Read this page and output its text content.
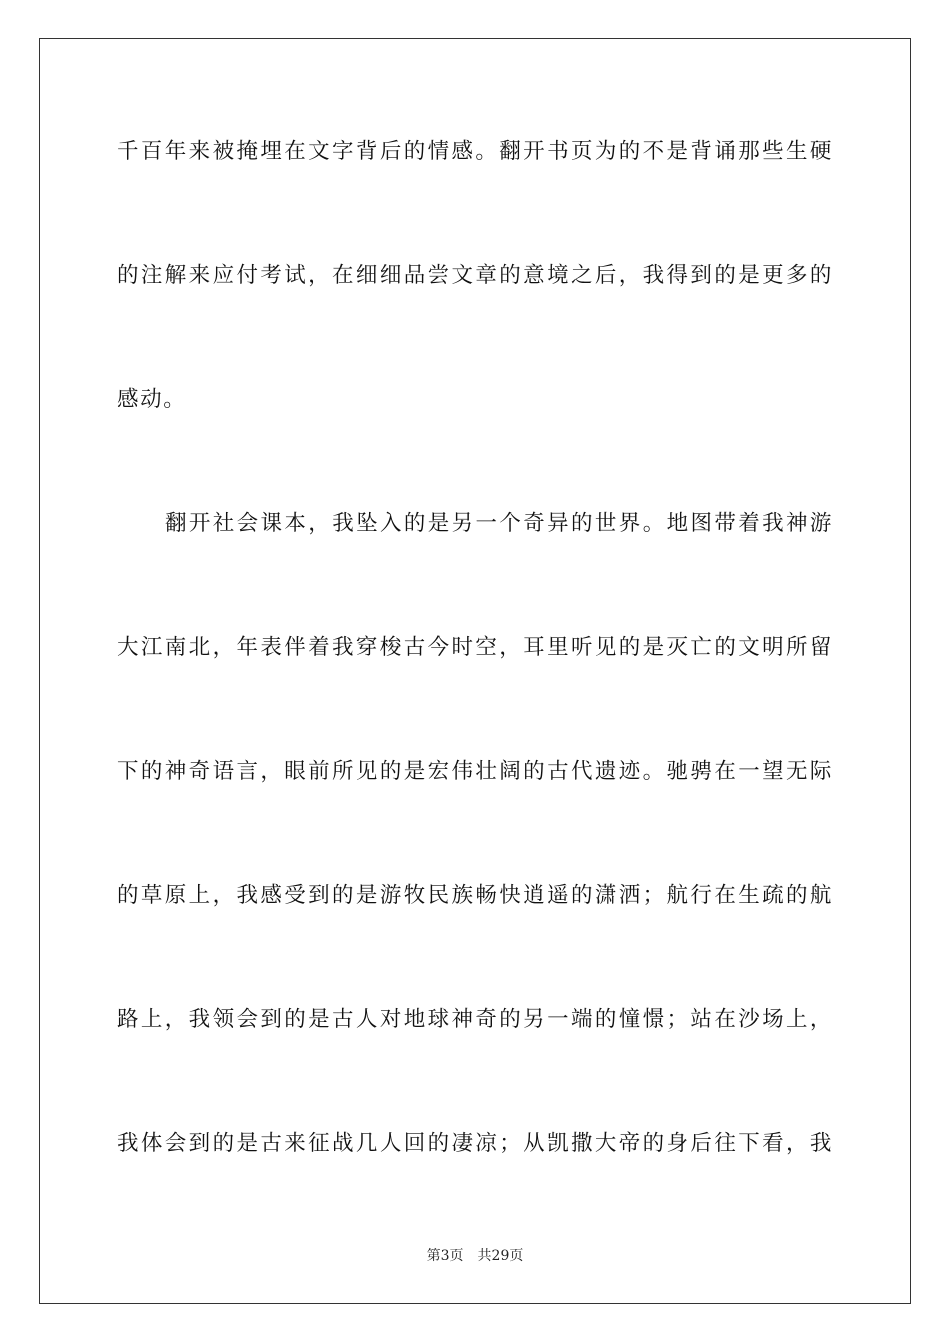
千百年来被掩埋在文字背后的情感。翻开书页为的不是背诵那些生硬
的注解来应付考试，在细细品尝文章的意境之后，我得到的是更多的
感动。
翻开社会课本，我坠入的是另一个奇异的世界。地图带着我神游
大江南北，年表伴着我穿梭古今时空，耳里听见的是灭亡的文明所留
下的神奇语言，眼前所见的是宏伟壮阔的古代遗迹。驰骋在一望无际
的草原上，我感受到的是游牧民族畅快逍遥的潇洒；航行在生疏的航
路上，我领会到的是古人对地球神奇的另一端的憧憬；站在沙场上，
我体会到的是古来征战几人回的凄凉；从凯撒大帝的身后往下看，我
第3页 共29页
